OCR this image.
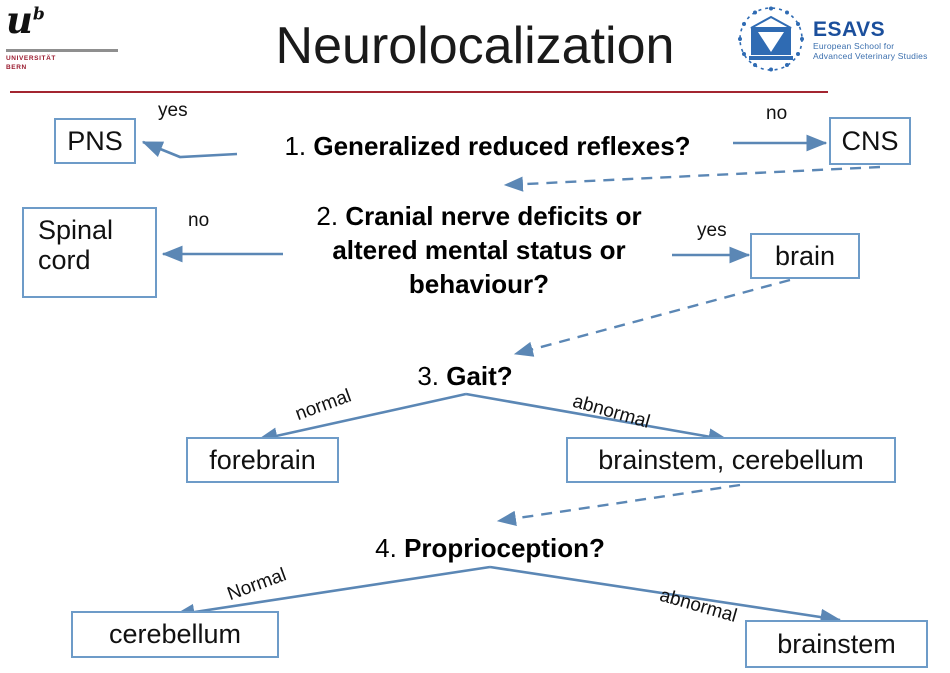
$u^b$
UNIVERSITÄT
BERN
ESAVS
European School for
Advanced Veterinary Studies
Neurolocalization
PNS	1. Generalized reduced reflexes?	CNS
yes	no
Spinal cord
2. Cranial nerve deficits or altered mental status or behaviour?
brain
no	yes
3. Gait?
forebrain	brainstem, cerebellum
normal	abnormal
4. Proprioception?
cerebellum	brainstem
Normal
abnormal
